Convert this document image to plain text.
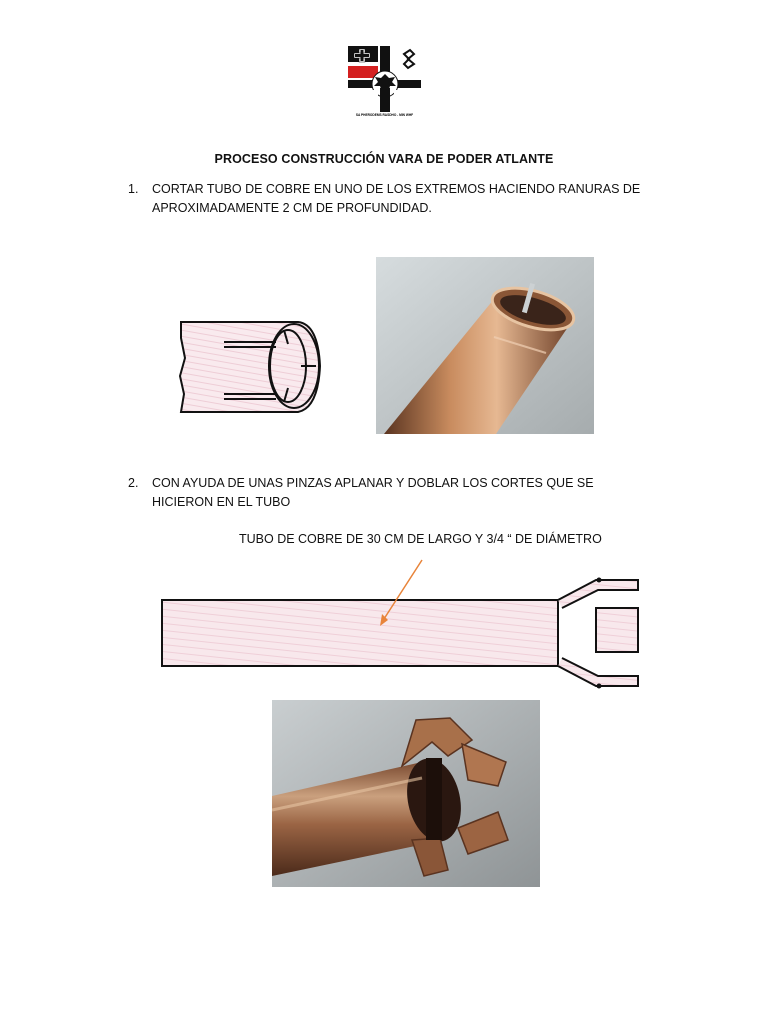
SA PHERODEMS RASDHO - MIN WHF
PROCESO CONSTRUCCIÓN VARA DE PODER ATLANTE
1. CORTAR TUBO DE COBRE EN UNO DE LOS EXTREMOS HACIENDO RANURAS DE APROXIMADAMENTE 2 CM DE PROFUNDIDAD.
2. CON AYUDA DE UNAS PINZAS APLANAR Y DOBLAR LOS CORTES QUE SE HICIERON EN EL TUBO
TUBO DE COBRE DE 30 CM DE LARGO Y 3/4 “ DE DIÁMETRO
